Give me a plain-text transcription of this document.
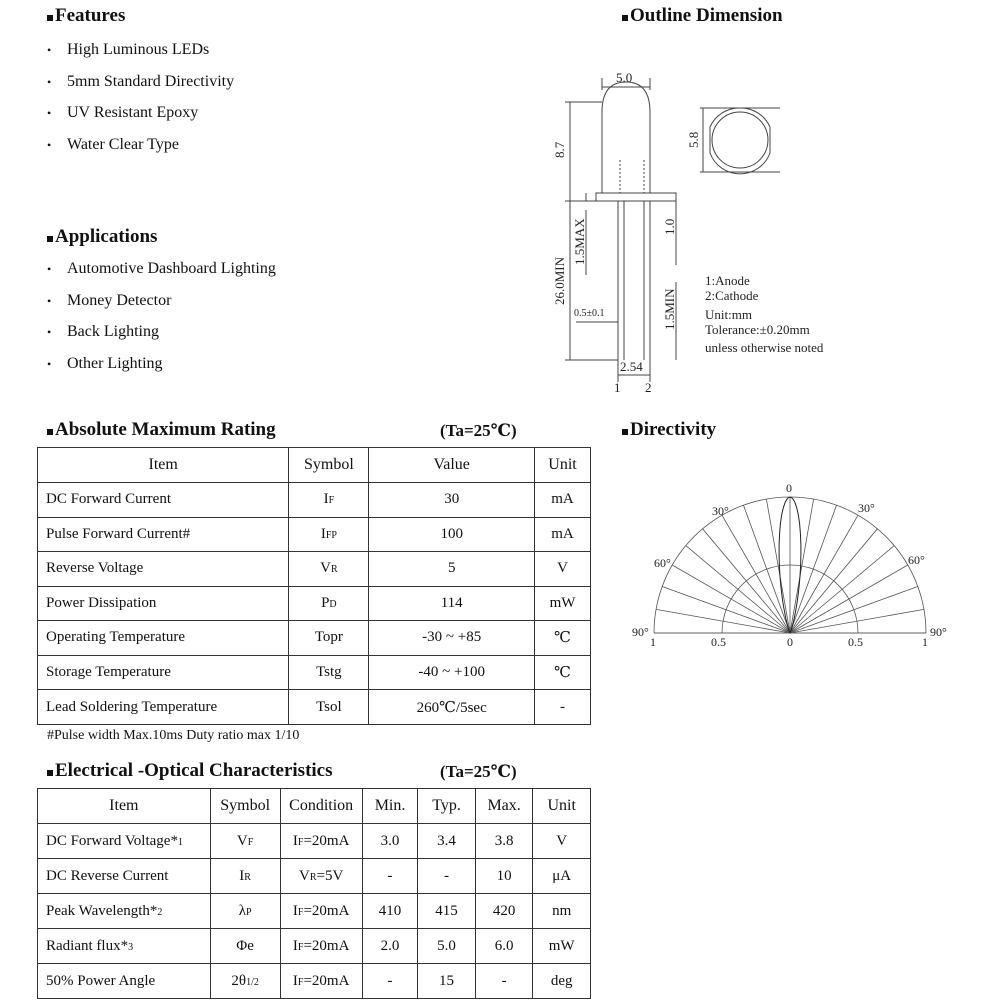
Features
• High Luminous LEDs
• 5mm Standard Directivity
• UV Resistant Epoxy
• Water Clear Type
Applications
• Automotive Dashboard Lighting
• Money Detector
• Back Lighting
• Other Lighting
Outline Dimension
5.0
8.7
5.8
1.5MAX
26.0MIN
1.0
1.5MIN
0.5±0.1
2.54
1 2
1:Anode
2:Cathode
Unit:mm
Tolerance:±0.20mm
unless otherwise noted
Absolute Maximum Rating	(Ta=25℃)
Item	Symbol	Value	Unit
DC Forward Current	IF	30	mA
Pulse Forward Current#	IFP	100	mA
Reverse Voltage	VR	5	V
Power Dissipation	PD	114	mW
Operating Temperature	Topr	-30 ~ +85	℃
Storage Temperature	Tstg	-40 ~ +100	℃
Lead Soldering Temperature	Tsol	260℃/5sec	-
#Pulse width Max.10ms Duty ratio max 1/10
Electrical -Optical Characteristics	(Ta=25℃)
Item	Symbol	Condition	Min.	Typ.	Max.	Unit
DC Forward Voltage*1	VF	IF=20mA	3.0	3.4	3.8	V
DC Reverse Current	IR	VR=5V	-	-	10	μA
Peak Wavelength*2	λP	IF=20mA	410	415	420	nm
Radiant flux*3	Φe	IF=20mA	2.0	5.0	6.0	mW
50% Power Angle	2θ1/2	IF=20mA	-	15	-	deg
Directivity
0
30°	30°
60°	60°
90°	90°
1	0.5	0	0.5	1
